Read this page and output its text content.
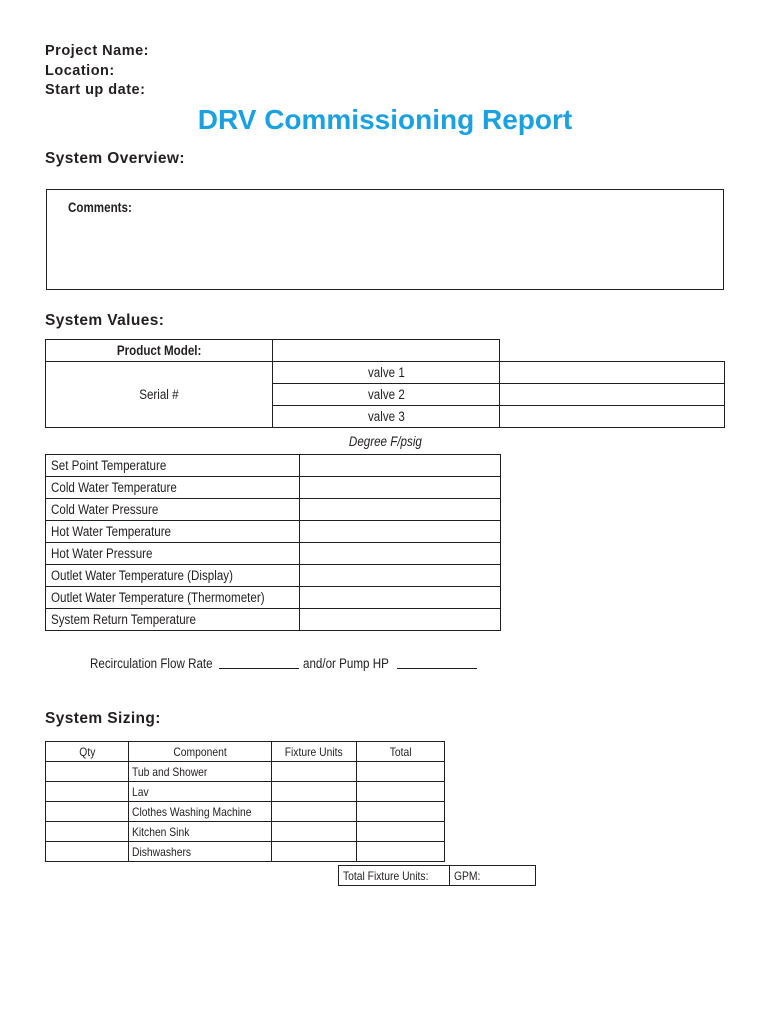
Project Name:
Location:
Start up date:
DRV Commissioning Report
System Overview:
Comments:
System Values:
Product Model:		
Serial #	valve 1	
	valve 2	
	valve 3	
Degree F/psig
Set Point Temperature	
Cold Water Temperature	
Cold Water Pressure	
Hot Water Temperature	
Hot Water Pressure	
Outlet Water Temperature (Display)	
Outlet Water Temperature (Thermometer)	
System Return Temperature	
Recirculation Flow Rate	and/or Pump HP
System Sizing:
Qty	Component	Fixture Units	Total
	Tub and Shower		
	Lav		
	Clothes Washing Machine		
	Kitchen Sink		
	Dishwashers		
Total Fixture Units:	GPM:
